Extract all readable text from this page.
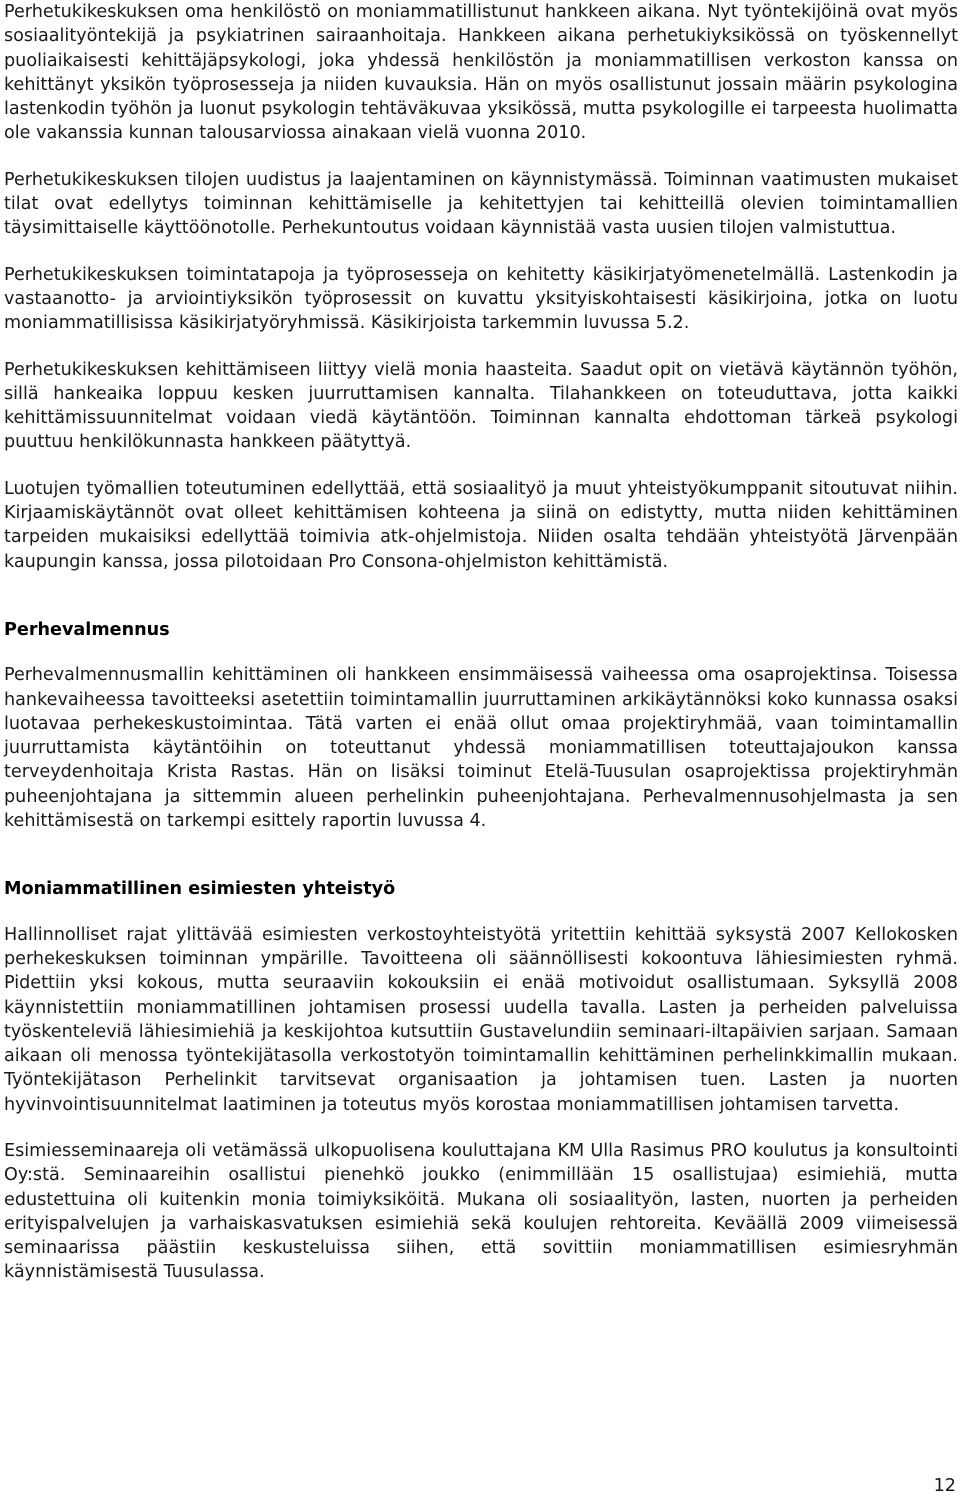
Perhetukikeskuksen oma henkilöstö on moniammatillistunut hankkeen aikana. Nyt työntekijöinä ovat myös sosiaalityöntekijä ja psykiatrinen sairaanhoitaja. Hankkeen aikana perhetukiyksikössä on työskennellyt puoliaikaisesti kehittäjäpsykologi, joka yhdessä henkilöstön ja moniammatillisen verkoston kanssa on kehittänyt yksikön työprosesseja ja niiden kuvauksia. Hän on myös osallistunut jossain määrin psykologina lastenkodin työhön ja luonut psykologin tehtäväkuvaa yksikössä, mutta psykologille ei tarpeesta huolimatta ole vakanssia kunnan talousarviossa ainakaan vielä vuonna 2010.

Perhetukikeskuksen tilojen uudistus ja laajentaminen on käynnistymässä. Toiminnan vaatimusten mukaiset tilat ovat edellytys toiminnan kehittämiselle ja kehitettyjen tai kehitteillä olevien toimintamallien täysimittaiselle käyttöönotolle. Perhekuntoutus voidaan käynnistää vasta uusien tilojen valmistuttua.

Perhetukikeskuksen toimintatapoja ja työprosesseja on kehitetty käsikirjatyömenetelmällä. Lastenkodin ja vastaanotto- ja arviointiyksikön työprosessit on kuvattu yksityiskohtaisesti käsikirjoina, jotka on luotu moniammatillisissa käsikirjatyöryhmissä. Käsikirjoista tarkemmin luvussa 5.2.

Perhetukikeskuksen kehittämiseen liittyy vielä monia haasteita. Saadut opit on vietävä käytännön työhön, sillä hankeaika loppuu kesken juurruttamisen kannalta. Tilahankkeen on toteuduttava, jotta kaikki kehittämissuunnitelmat voidaan viedä käytäntöön. Toiminnan kannalta ehdottoman tärkeä psykologi puuttuu henkilökunnasta hankkeen päätyttyä.

Luotujen työmallien toteutuminen edellyttää, että sosiaalityö ja muut yhteistyökumppanit sitoutuvat niihin. Kirjaamiskäytännöt ovat olleet kehittämisen kohteena ja siinä on edistytty, mutta niiden kehittäminen tarpeiden mukaisiksi edellyttää toimivia atk-ohjelmistoja. Niiden osalta tehdään yhteistyötä Järvenpään kaupungin kanssa, jossa pilotoidaan Pro Consona-ohjelmiston kehittämistä.

Perhevalmennus

Perhevalmennusmallin kehittäminen oli hankkeen ensimmäisessä vaiheessa oma osaprojektinsa. Toisessa hankevaiheessa tavoitteeksi asetettiin toimintamallin juurruttaminen arkikäytännöksi koko kunnassa osaksi luotavaa perhekeskustoimintaa. Tätä varten ei enää ollut omaa projektiryhmää, vaan toimintamallin juurruttamista käytäntöihin on toteuttanut yhdessä moniammatillisen toteuttajajoukon kanssa terveydenhoitaja Krista Rastas. Hän on lisäksi toiminut Etelä-Tuusulan osaprojektissa projektiryhmän puheenjohtajana ja sittemmin alueen perhelinkin puheenjohtajana. Perhevalmennusohjelmasta ja sen kehittämisestä on tarkempi esittely raportin luvussa 4.

Moniammatillinen esimiesten yhteistyö

Hallinnolliset rajat ylittävää esimiesten verkostoyhteistyötä yritettiin kehittää syksystä 2007 Kellokosken perhekeskuksen toiminnan ympärille. Tavoitteena oli säännöllisesti kokoontuva lähiesimiesten ryhmä. Pidettiin yksi kokous, mutta seuraaviin kokouksiin ei enää motivoidut osallistumaan. Syksyllä 2008 käynnistettiin moniammatillinen johtamisen prosessi uudella tavalla. Lasten ja perheiden palveluissa työskenteleviä lähiesimiehiä ja keskijohtoa kutsuttiin Gustavelundiin seminaari-iltapäivien sarjaan. Samaan aikaan oli menossa työntekijätasolla verkostotyön toimintamallin kehittäminen perhelinkkimallin mukaan. Työntekijätason Perhelinkit tarvitsevat organisaation ja johtamisen tuen. Lasten ja nuorten hyvinvointisuunnitelmat laatiminen ja toteutus myös korostaa moniammatillisen johtamisen tarvetta.

Esimiesseminaareja oli vetämässä ulkopuolisena kouluttajana KM Ulla Rasimus PRO koulutus ja konsultointi Oy:stä. Seminaareihin osallistui pienehkö joukko (enimmillään 15 osallistujaa) esimiehiä, mutta edustettuina oli kuitenkin monia toimiyksiköitä. Mukana oli sosiaalityön, lasten, nuorten ja perheiden erityispalvelujen ja varhaiskasvatuksen esimiehiä sekä koulujen rehtoreita. Keväällä 2009 viimeisessä seminaarissa päästiin keskusteluissa siihen, että sovittiin moniammatillisen esimiesryhmän käynnistämisestä Tuusulassa.

12
